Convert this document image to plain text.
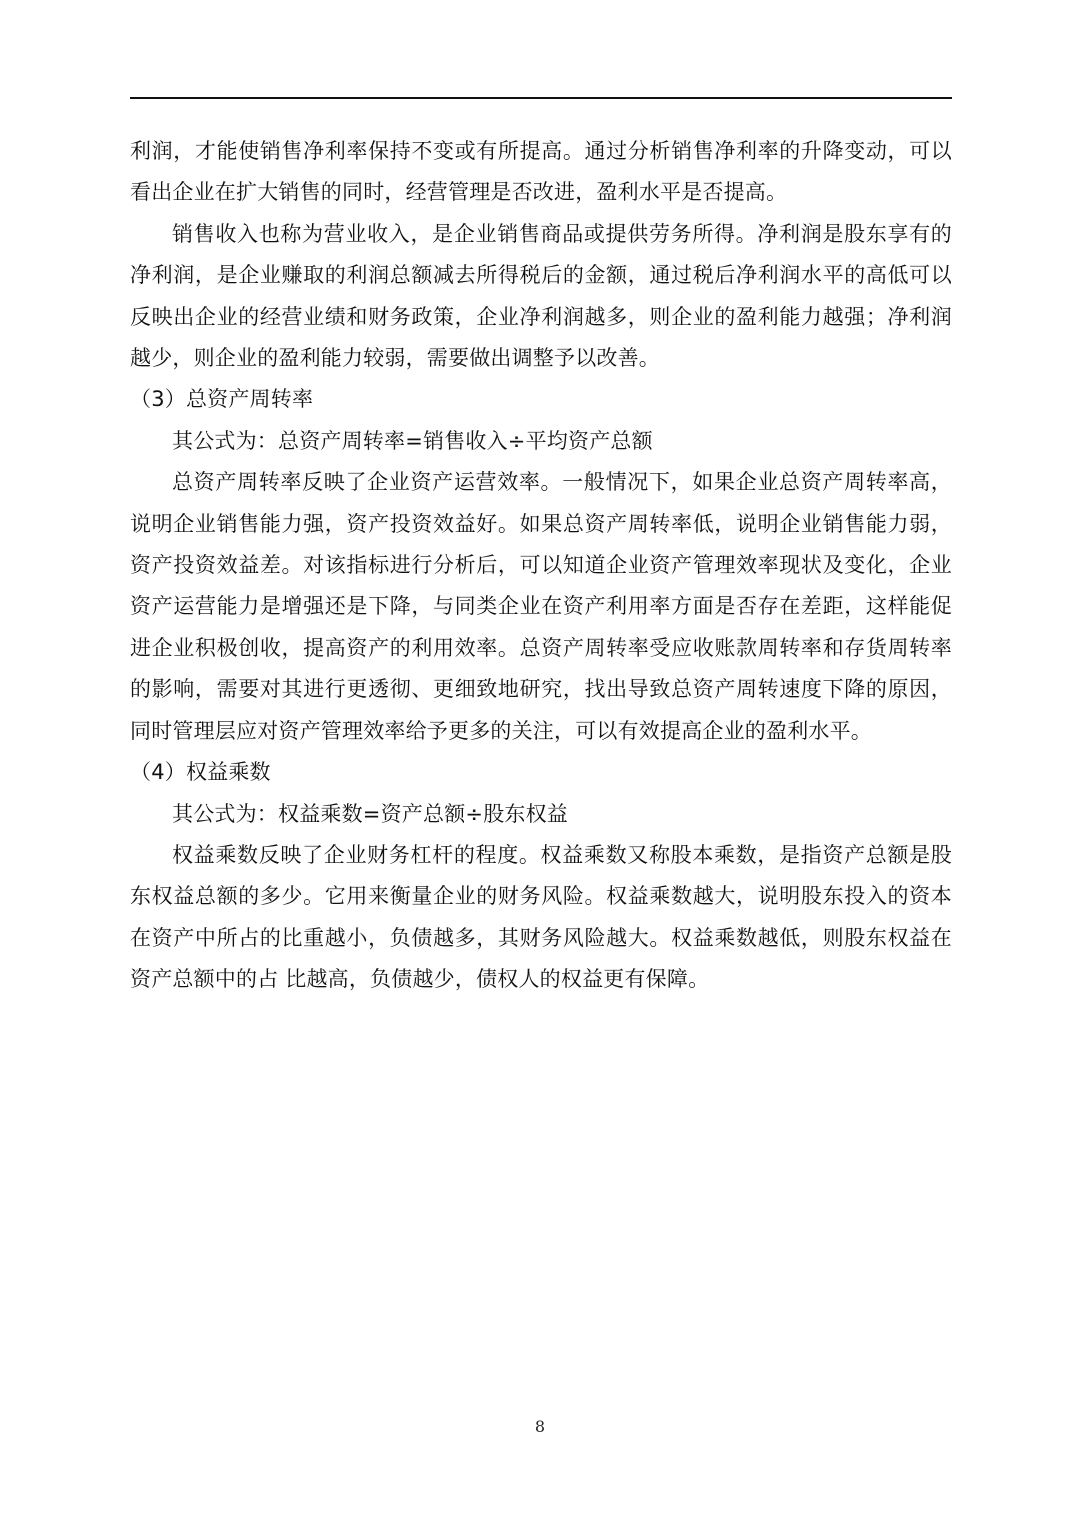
利润，才能使销售净利率保持不变或有所提高。通过分析销售净利率的升降变动，可以看出企业在扩大销售的同时，经营管理是否改进，盈利水平是否提高。

销售收入也称为营业收入，是企业销售商品或提供劳务所得。净利润是股东享有的净利润，是企业赚取的利润总额减去所得税后的金额，通过税后净利润水平的高低可以反映出企业的经营业绩和财务政策，企业净利润越多，则企业的盈利能力越强；净利润越少，则企业的盈利能力较弱，需要做出调整予以改善。

（3）总资产周转率

其公式为：总资产周转率=销售收入÷平均资产总额

总资产周转率反映了企业资产运营效率。一般情况下，如果企业总资产周转率高，说明企业销售能力强，资产投资效益好。如果总资产周转率低，说明企业销售能力弱，资产投资效益差。对该指标进行分析后，可以知道企业资产管理效率现状及变化，企业资产运营能力是增强还是下降，与同类企业在资产利用率方面是否存在差距，这样能促进企业积极创收，提高资产的利用效率。总资产周转率受应收账款周转率和存货周转率的影响，需要对其进行更透彻、更细致地研究，找出导致总资产周转速度下降的原因，同时管理层应对资产管理效率给予更多的关注，可以有效提高企业的盈利水平。

（4）权益乘数

其公式为：权益乘数=资产总额÷股东权益

权益乘数反映了企业财务杠杆的程度。权益乘数又称股本乘数，是指资产总额是股东权益总额的多少。它用来衡量企业的财务风险。权益乘数越大，说明股东投入的资本在资产中所占的比重越小，负债越多，其财务风险越大。权益乘数越低，则股东权益在资产总额中的占 比越高，负债越少，债权人的权益更有保障。

8
